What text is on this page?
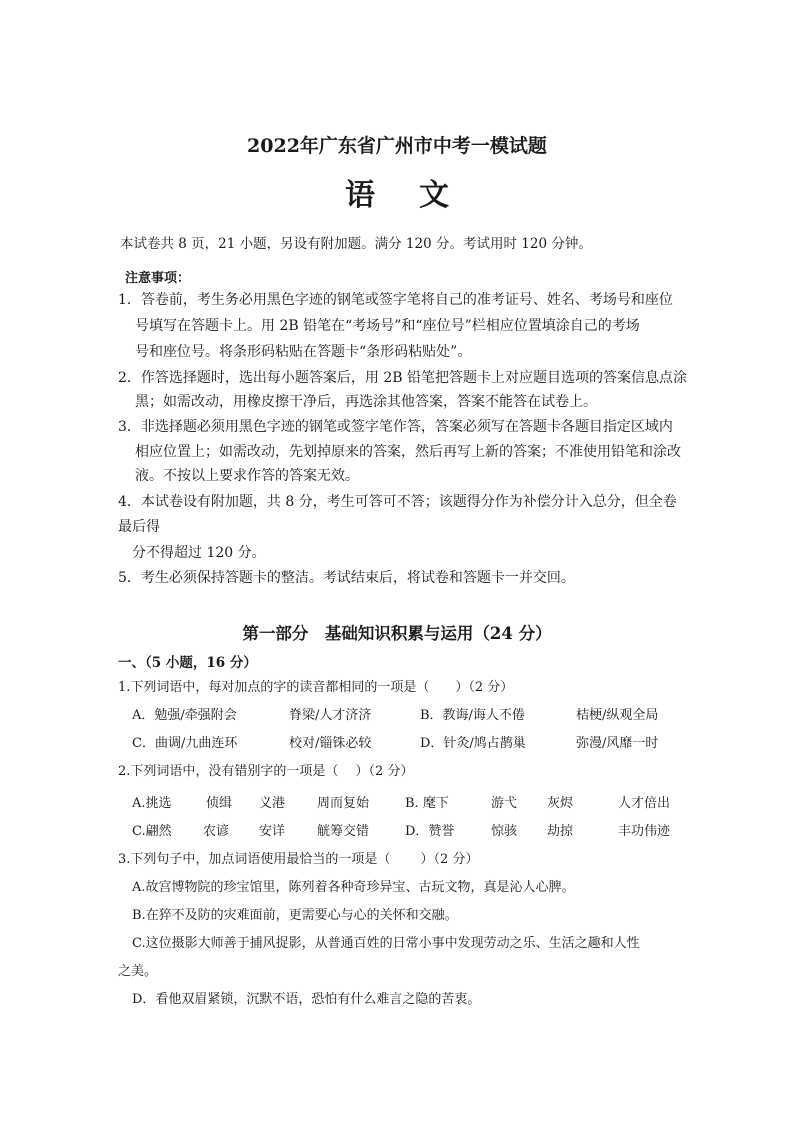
2022年广东省广州市中考一模试题
语 文
本试卷共 8 页，21 小题，另设有附加题。满分 120 分。考试用时 120 分钟。
注意事项：
1．答卷前，考生务必用黑色字迹的钢笔或签字笔将自己的准考证号、姓名、考场号和座位
号填写在答题卡上。用 2B 铅笔在“考场号”和“座位号”栏相应位置填涂自己的考场
号和座位号。将条形码粘贴在答题卡“条形码粘贴处”。
2．作答选择题时，选出每小题答案后，用 2B 铅笔把答题卡上对应题目选项的答案信息点涂
黑；如需改动，用橡皮擦干净后，再选涂其他答案，答案不能答在试卷上。
3．非选择题必须用黑色字迹的钢笔或签字笔作答，答案必须写在答题卡各题目指定区域内
相应位置上；如需改动，先划掉原来的答案，然后再写上新的答案；不准使用铅笔和涂改
液。不按以上要求作答的答案无效。
4．本试卷设有附加题，共 8 分，考生可答可不答；该题得分作为补偿分计入总分，但全卷
最后得
分不得超过 120 分。
5．考生必须保持答题卡的整洁。考试结束后，将试卷和答题卡一并交回。
第一部分　基础知识积累与运用（24 分）
一、（5 小题，16 分）
1.下列词语中，每对加点的字的读音都相同的一项是（　　）（2 分）
A．勉强/牵强附会	脊梁/人才济济	B．教诲/诲人不倦	桔梗/纵观全局
C．曲调/九曲连环	校对/锱铢必较	D．针灸/鸠占鹊巢	弥漫/风靡一时
2.下列词语中，没有错别字的一项是（　 ）（2 分）
A.挑选	侦缉 义港 周而复始	B. 麾下	游弋 灰烬	人才倍出
C.翩然 农谚 安详 觥筹交错	D．赞誉	惊骇 劫掠	丰功伟迹
3.下列句子中，加点词语使用最恰当的一项是（　　 ）（2 分）
A.故宫博物院的珍宝馆里，陈列着各种奇珍异宝、古玩文物，真是沁人心脾。
B.在猝不及防的灾难面前，更需要心与心的关怀和交融。
C.这位摄影大师善于捕风捉影，从普通百姓的日常小事中发现劳动之乐、生活之趣和人性
之美。
D．看他双眉紧锁，沉默不语，恐怕有什么难言之隐的苦衷。
